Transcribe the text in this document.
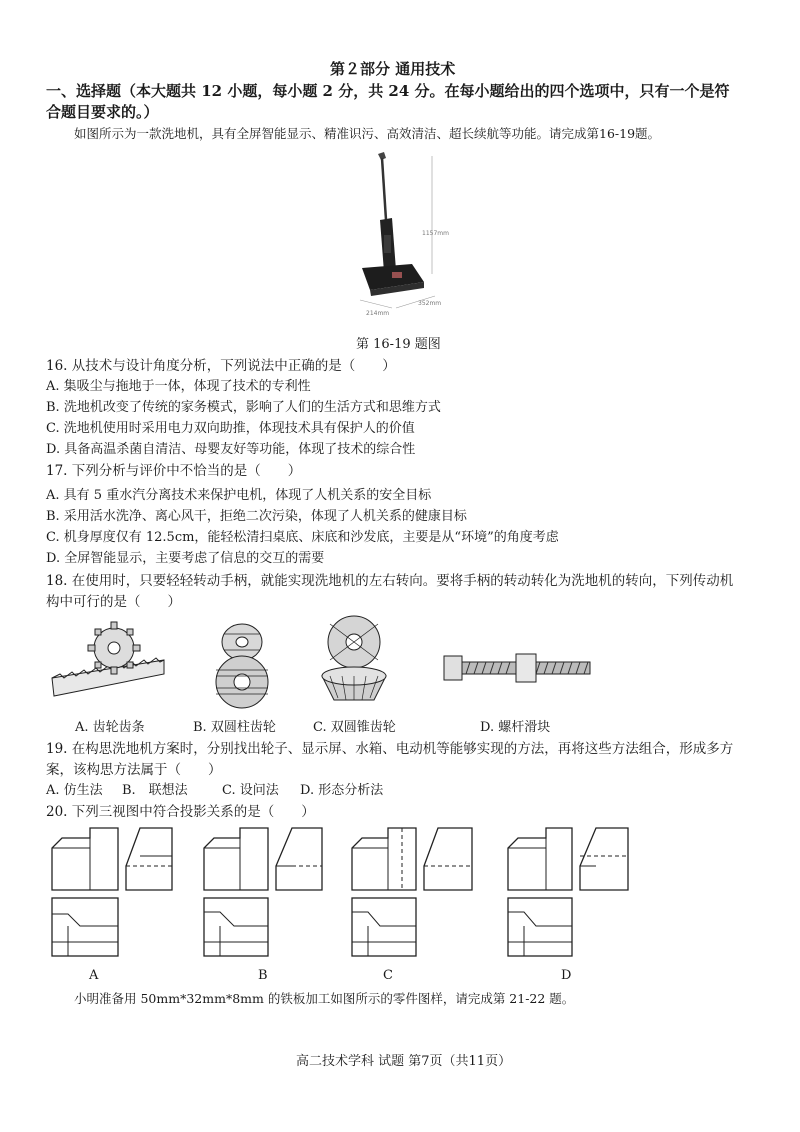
第２部分 通用技术
一、选择题（本大题共 12 小题，每小题 2 分，共 24 分。在每小题给出的四个选项中，只有一个是符
合题目要求的。）
如图所示为一款洗地机，具有全屏智能显示、精准识污、高效清洁、超长续航等功能。请完成第16-19题。
1157mm
214mm
352mm
第 16-19 题图
16. 从技术与设计角度分析，下列说法中正确的是（　　）
A. 集吸尘与拖地于一体，体现了技术的专利性
B. 洗地机改变了传统的家务模式，影响了人们的生活方式和思维方式
C. 洗地机使用时采用电力双向助推，体现技术具有保护人的价值
D. 具备高温杀菌自清洁、母婴友好等功能，体现了技术的综合性
17. 下列分析与评价中不恰当的是（　　）
A. 具有 5 重水汽分离技术来保护电机，体现了人机关系的安全目标
B. 采用活水洗净、离心风干，拒绝二次污染，体现了人机关系的健康目标
C. 机身厚度仅有 12.5cm，能轻松清扫桌底、床底和沙发底，主要是从“环境”的角度考虑
D. 全屏智能显示，主要考虑了信息的交互的需要
18. 在使用时，只要轻轻转动手柄，就能实现洗地机的左右转向。要将手柄的转动转化为洗地机的转向，下列传动机
构中可行的是（　　）
A. 齿轮齿条	B. 双圆柱齿轮	C. 双圆锥齿轮	D. 螺杆滑块
19. 在构思洗地机方案时，分别找出轮子、显示屏、水箱、电动机等能够实现的方法，再将这些方法组合，形成多方
案，该构思方法属于（　　）
A. 仿生法 B.　联想法	C. 设问法 D. 形态分析法
20. 下列三视图中符合投影关系的是（　　）
A	B	C	D
小明准备用 50mm*32mm*8mm 的铁板加工如图所示的零件图样，请完成第 21-22 题。
高二技术学科 试题 第7页（共11页）
